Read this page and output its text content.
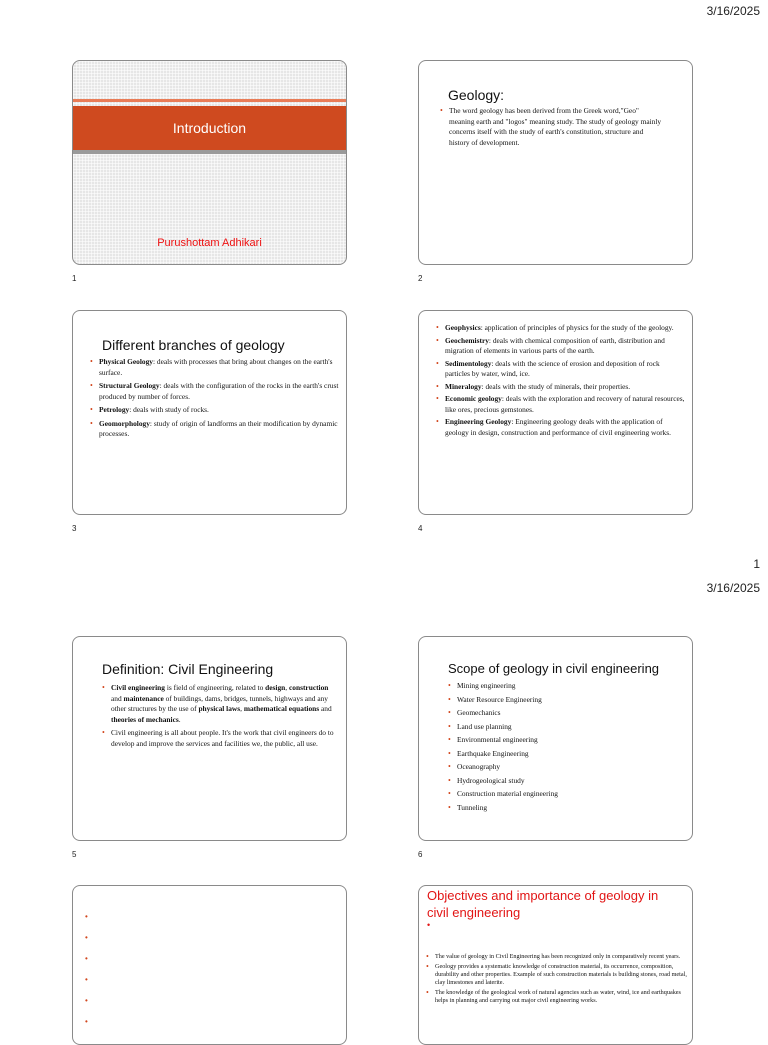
3/16/2025
Introduction
Purushottam Adhikari
1
Geology:
• The word geology has been derived from the Greek word,"Geo" meaning earth and "logos" meaning study. The study of geology mainly concerns itself with the study of earth's constitution, structure and history of development.
2
Different branches of geology
• Physical Geology: deals with processes that bring about changes on the earth's surface.
• Structural Geology: deals with the configuration of the rocks in the earth's crust produced by number of forces.
• Petrology: deals with study of rocks.
• Geomorphology: study of origin of landforms an their modification by dynamic processes.
3
• Geophysics: application of principles of physics for the study of the geology.
• Geochemistry: deals with chemical composition of earth, distribution and migration of elements in various parts of the earth.
• Sedimentology: deals with the science of erosion and deposition of rock particles by water, wind, ice.
• Mineralogy: deals with the study of minerals, their properties.
• Economic geology: deals with the exploration and recovery of natural resources, like ores, precious gemstones.
• Engineering Geology: Engineering geology deals with the application of geology in design, construction and performance of civil engineering works.
4
1
3/16/2025
Definition: Civil Engineering
• Civil engineering is field of engineering, related to design, construction and maintenance of buildings, dams, bridges, tunnels, highways and any other structures by the use of physical laws, mathematical equations and theories of mechanics.
• Civil engineering is all about people. It's the work that civil engineers do to develop and improve the services and facilities we, the public, all use.
5
Scope of geology in civil engineering
• Mining engineering
• Water Resource Engineering
• Geomechanics
• Land use planning
• Environmental engineering
• Earthquake Engineering
• Oceanography
• Hydrogeological study
• Construction material engineering
• Tunneling
6
•
•
•
•
•
•
Objectives and importance of geology in civil engineering
•
• The value of geology in Civil Engineering has been recognized only in comparatively recent years.
• Geology provides a systematic knowledge of construction material, its occurrence, composition, durability and other properties. Example of such construction materials is building stones, road metal, clay limestones and laterite.
• The knowledge of the geological work of natural agencies such as water, wind, ice and earthquakes helps in planning and carrying out major civil engineering works.
